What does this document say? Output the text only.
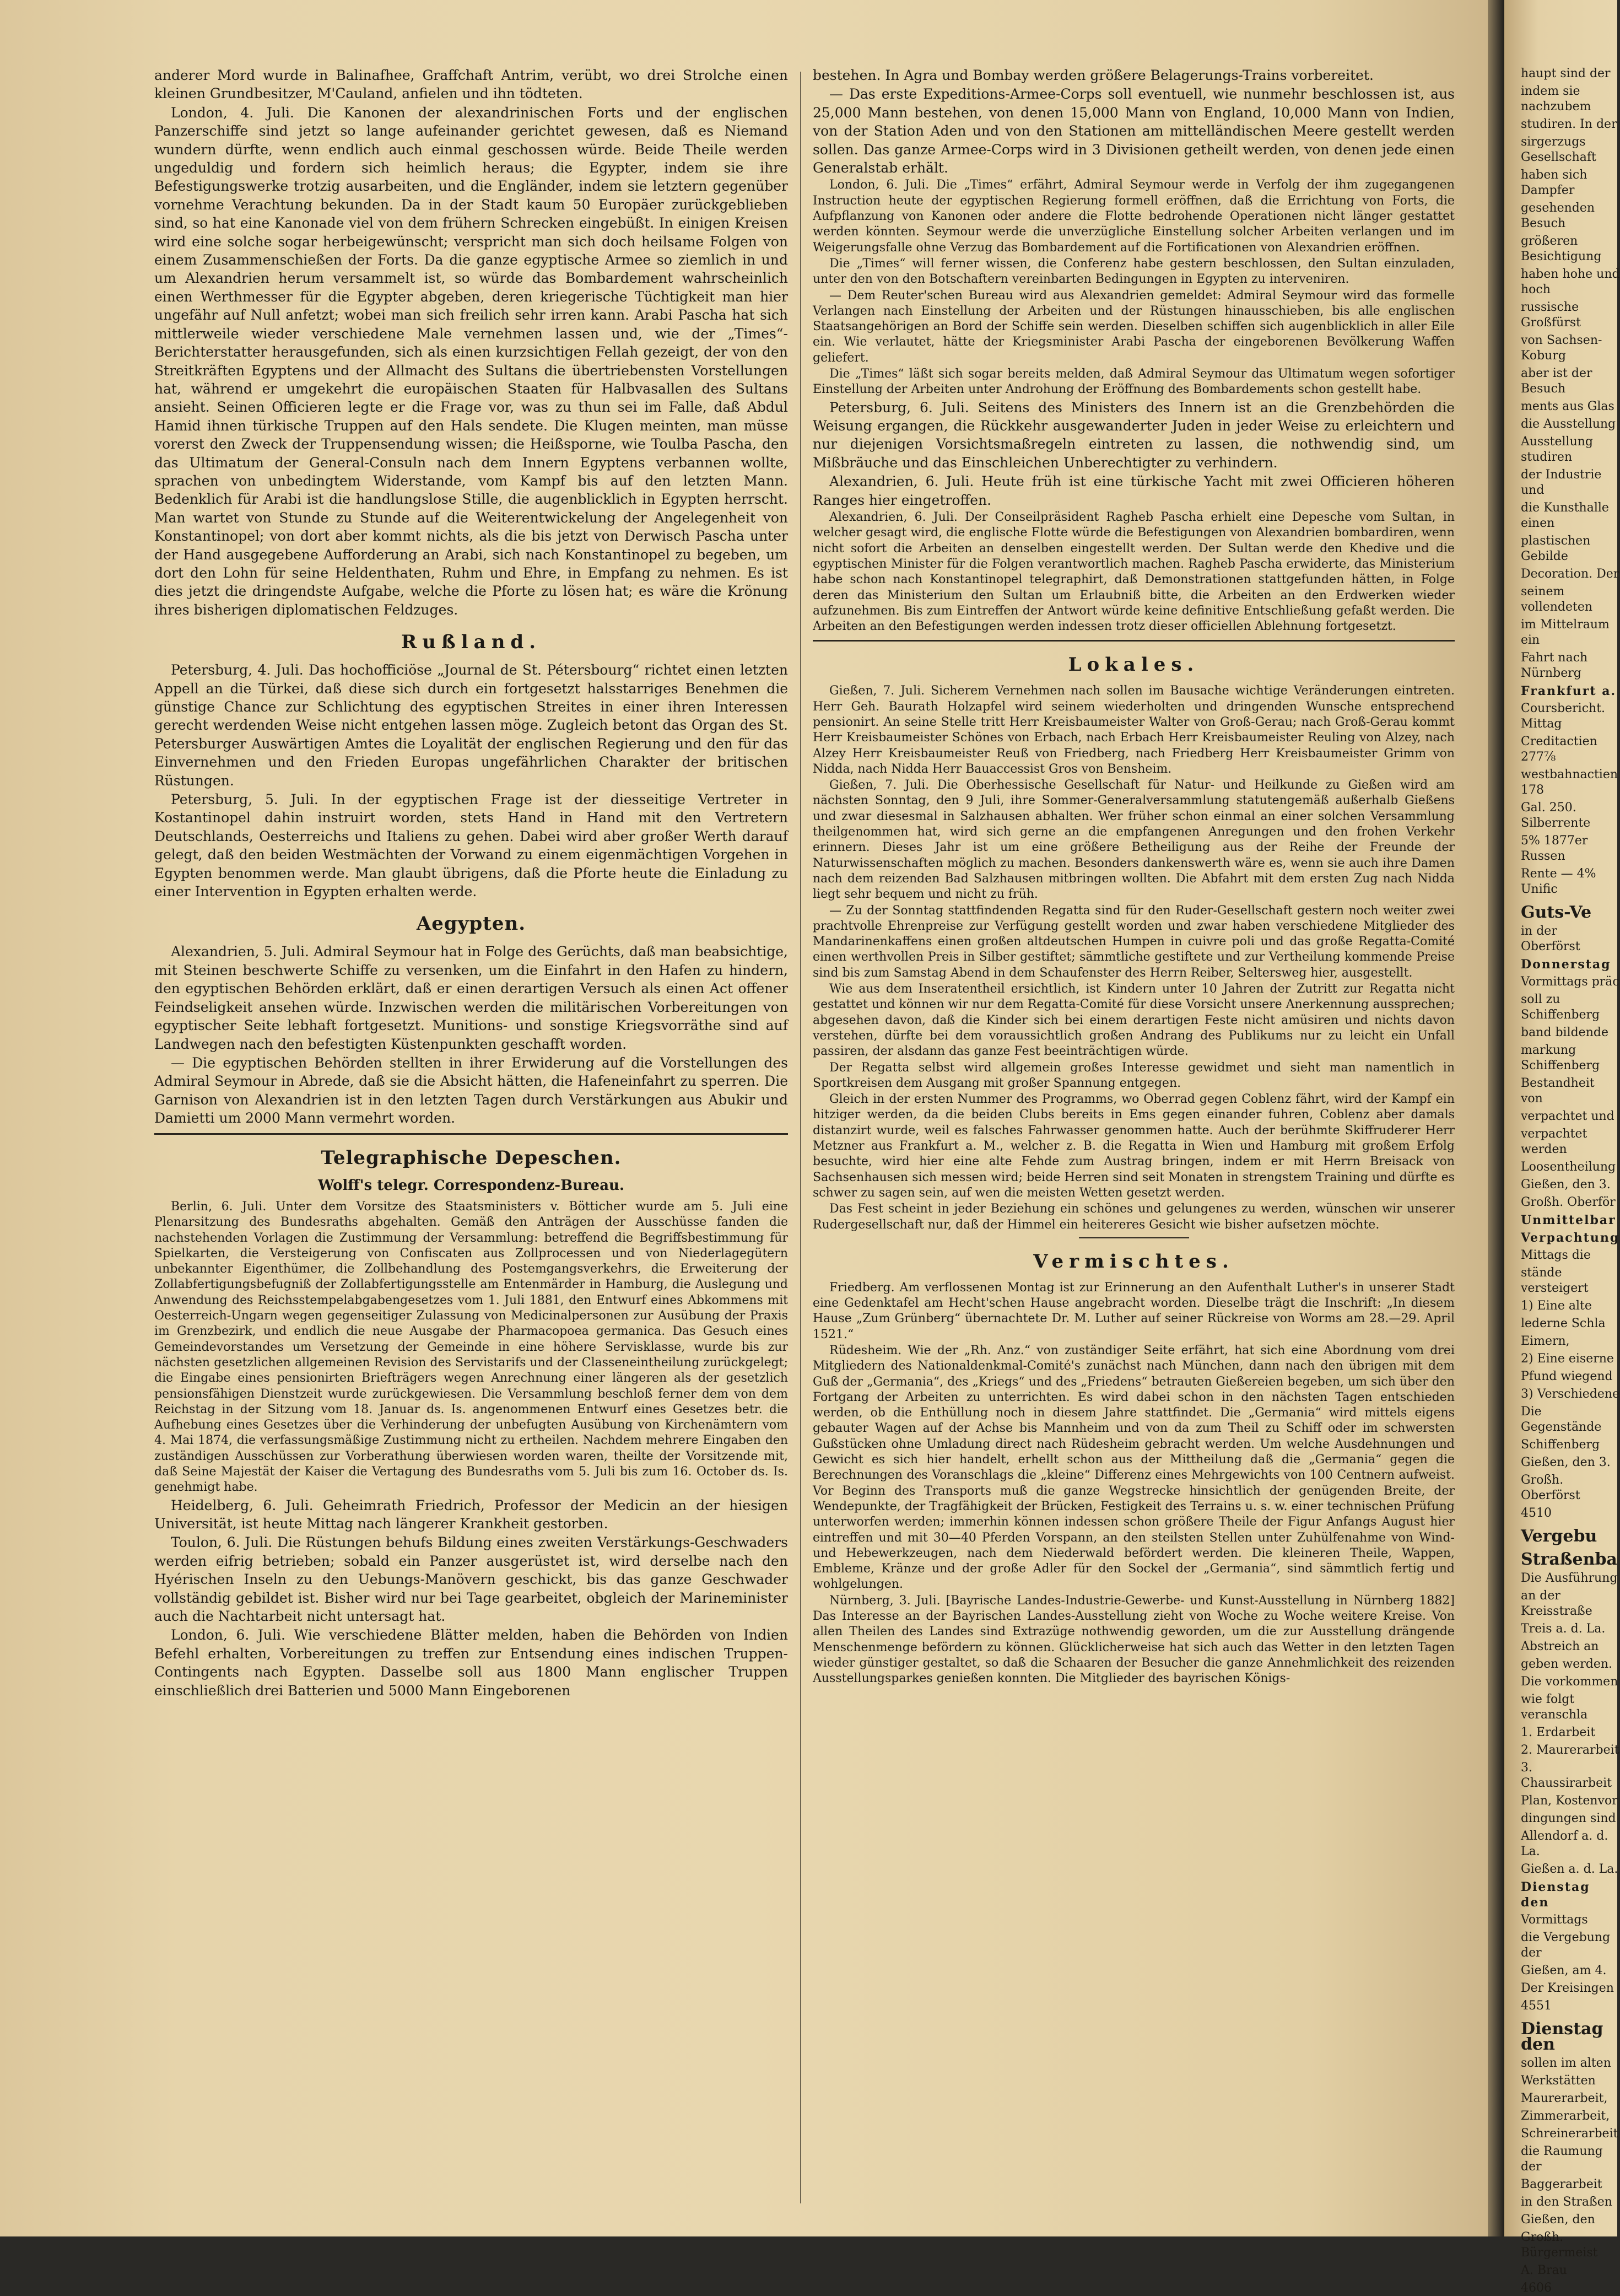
anderer Mord wurde in Balinafhee, Graffchaft Antrim, verübt, wo drei Strolche einen kleinen Grundbesitzer, M'Cauland, anfielen und ihn tödteten.

London, 4. Juli. Die Kanonen der alexandrinischen Forts und der englischen Panzerschiffe sind jetzt so lange aufeinander gerichtet gewesen, daß es Niemand wundern dürfte, wenn endlich auch einmal geschossen würde. Beide Theile werden ungeduldig und fordern sich heimlich heraus; die Egypter, indem sie ihre Befestigungswerke trotzig ausarbeiten, und die Engländer, indem sie letztern gegenüber vornehme Verachtung bekunden. Da in der Stadt kaum 50 Europäer zurückgeblieben sind, so hat eine Kanonade viel von dem frühern Schrecken eingebüßt. In einigen Kreisen wird eine solche sogar herbeigewünscht; verspricht man sich doch heilsame Folgen von einem Zusammenschießen der Forts. Da die ganze egyptische Armee so ziemlich in und um Alexandrien herum versammelt ist, so würde das Bombardement wahrscheinlich einen Werthmesser für die Egypter abgeben, deren kriegerische Tüchtigkeit man hier ungefähr auf Null anfetzt; wobei man sich freilich sehr irren kann. Arabi Pascha hat sich mittlerweile wieder verschiedene Male vernehmen lassen und, wie der „Times“-Berichterstatter herausgefunden, sich als einen kurzsichtigen Fellah gezeigt, der von den Streitkräften Egyptens und der Allmacht des Sultans die übertriebensten Vorstellungen hat, während er umgekehrt die europäischen Staaten für Halbvasallen des Sultans ansieht. Seinen Officieren legte er die Frage vor, was zu thun sei im Falle, daß Abdul Hamid ihnen türkische Truppen auf den Hals sendete. Die Klugen meinten, man müsse vorerst den Zweck der Truppensendung wissen; die Heißsporne, wie Toulba Pascha, den das Ultimatum der General-Consuln nach dem Innern Egyptens verbannen wollte, sprachen von unbedingtem Widerstande, vom Kampf bis auf den letzten Mann. Bedenklich für Arabi ist die handlungslose Stille, die augenblicklich in Egypten herrscht. Man wartet von Stunde zu Stunde auf die Weiterentwickelung der Angelegenheit von Konstantinopel; von dort aber kommt nichts, als die bis jetzt von Derwisch Pascha unter der Hand ausgegebene Aufforderung an Arabi, sich nach Konstantinopel zu begeben, um dort den Lohn für seine Heldenthaten, Ruhm und Ehre, in Empfang zu nehmen. Es ist dies jetzt die dringendste Aufgabe, welche die Pforte zu lösen hat; es wäre die Krönung ihres bisherigen diplomatischen Feldzuges.

Rußland.

Petersburg, 4. Juli. Das hochofficiöse „Journal de St. Pétersbourg“ richtet einen letzten Appell an die Türkei, daß diese sich durch ein fortgesetzt halsstarriges Benehmen die günstige Chance zur Schlichtung des egyptischen Streites in einer ihren Interessen gerecht werdenden Weise nicht entgehen lassen möge. Zugleich betont das Organ des St. Petersburger Auswärtigen Amtes die Loyalität der englischen Regierung und den für das Einvernehmen und den Frieden Europas ungefährlichen Charakter der britischen Rüstungen.

Petersburg, 5. Juli. In der egyptischen Frage ist der diesseitige Vertreter in Kostantinopel dahin instruirt worden, stets Hand in Hand mit den Vertretern Deutschlands, Oesterreichs und Italiens zu gehen. Dabei wird aber großer Werth darauf gelegt, daß den beiden Westmächten der Vorwand zu einem eigenmächtigen Vorgehen in Egypten benommen werde. Man glaubt übrigens, daß die Pforte heute die Einladung zu einer Intervention in Egypten erhalten werde.

Aegypten.

Alexandrien, 5. Juli. Admiral Seymour hat in Folge des Gerüchts, daß man beabsichtige, mit Steinen beschwerte Schiffe zu versenken, um die Einfahrt in den Hafen zu hindern, den egyptischen Behörden erklärt, daß er einen derartigen Versuch als einen Act offener Feindseligkeit ansehen würde. Inzwischen werden die militärischen Vorbereitungen von egyptischer Seite lebhaft fortgesetzt. Munitions- und sonstige Kriegsvorräthe sind auf Landwegen nach den befestigten Küstenpunkten geschafft worden.

— Die egyptischen Behörden stellten in ihrer Erwiderung auf die Vorstellungen des Admiral Seymour in Abrede, daß sie die Absicht hätten, die Hafeneinfahrt zu sperren. Die Garnison von Alexandrien ist in den letzten Tagen durch Verstärkungen aus Abukir und Damietti um 2000 Mann vermehrt worden.

Telegraphische Depeschen.
Wolff's telegr. Correspondenz-Bureau.

Berlin, 6. Juli. Unter dem Vorsitze des Staatsministers v. Bötticher wurde am 5. Juli eine Plenarsitzung des Bundesraths abgehalten. Gemäß den Anträgen der Ausschüsse fanden die nachstehenden Vorlagen die Zustimmung der Versammlung: betreffend die Begriffsbestimmung für Spielkarten, die Versteigerung von Confiscaten aus Zollprocessen und von Niederlagegütern unbekannter Eigenthümer, die Zollbehandlung des Postemgangsverkehrs, die Erweiterung der Zollabfertigungsbefugniß der Zollabfertigungsstelle am Entenmärder in Hamburg, die Auslegung und Anwendung des Reichsstempelabgabengesetzes vom 1. Juli 1881, den Entwurf eines Abkommens mit Oesterreich-Ungarn wegen gegenseitiger Zulassung von Medicinalpersonen zur Ausübung der Praxis im Grenzbezirk, und endlich die neue Ausgabe der Pharmacopoea germanica. Das Gesuch eines Gemeindevorstandes um Versetzung der Gemeinde in eine höhere Servisklasse, wurde bis zur nächsten gesetzlichen allgemeinen Revision des Servistarifs und der Classeneintheilung zurückgelegt; die Eingabe eines pensionirten Briefträgers wegen Anrechnung einer längeren als der gesetzlich pensionsfähigen Dienstzeit wurde zurückgewiesen. Die Versammlung beschloß ferner dem von dem Reichstag in der Sitzung vom 18. Januar ds. Is. angenommenen Entwurf eines Gesetzes betr. die Aufhebung eines Gesetzes über die Verhinderung der unbefugten Ausübung von Kirchenämtern vom 4. Mai 1874, die verfassungsmäßige Zustimmung nicht zu ertheilen. Nachdem mehrere Eingaben den zuständigen Ausschüssen zur Vorberathung überwiesen worden waren, theilte der Vorsitzende mit, daß Seine Majestät der Kaiser die Vertagung des Bundesraths vom 5. Juli bis zum 16. October ds. Is. genehmigt habe.

Heidelberg, 6. Juli. Geheimrath Friedrich, Professor der Medicin an der hiesigen Universität, ist heute Mittag nach längerer Krankheit gestorben.

Toulon, 6. Juli. Die Rüstungen behufs Bildung eines zweiten Verstärkungs-Geschwaders werden eifrig betrieben; sobald ein Panzer ausgerüstet ist, wird derselbe nach den Hyérischen Inseln zu den Uebungs-Manövern geschickt, bis das ganze Geschwader vollständig gebildet ist. Bisher wird nur bei Tage gearbeitet, obgleich der Marineminister auch die Nachtarbeit nicht untersagt hat.

London, 6. Juli. Wie verschiedene Blätter melden, haben die Behörden von Indien Befehl erhalten, Vorbereitungen zu treffen zur Entsendung eines indischen Truppen-Contingents nach Egypten. Dasselbe soll aus 1800 Mann englischer Truppen einschließlich drei Batterien und 5000 Mann Eingeborenen

bestehen. In Agra und Bombay werden größere Belagerungs-Trains vorbereitet.

— Das erste Expeditions-Armee-Corps soll eventuell, wie nunmehr beschlossen ist, aus 25,000 Mann bestehen, von denen 15,000 Mann von England, 10,000 Mann von Indien, von der Station Aden und von den Stationen am mittelländischen Meere gestellt werden sollen. Das ganze Armee-Corps wird in 3 Divisionen getheilt werden, von denen jede einen Generalstab erhält.

London, 6. Juli. Die „Times“ erfährt, Admiral Seymour werde in Verfolg der ihm zugegangenen Instruction heute der egyptischen Regierung formell eröffnen, daß die Errichtung von Forts, die Aufpflanzung von Kanonen oder andere die Flotte bedrohende Operationen nicht länger gestattet werden könnten. Seymour werde die unverzügliche Einstellung solcher Arbeiten verlangen und im Weigerungsfalle ohne Verzug das Bombardement auf die Fortificationen von Alexandrien eröffnen.

Die „Times“ will ferner wissen, die Conferenz habe gestern beschlossen, den Sultan einzuladen, unter den von den Botschaftern vereinbarten Bedingungen in Egypten zu interveniren.

— Dem Reuter'schen Bureau wird aus Alexandrien gemeldet: Admiral Seymour wird das formelle Verlangen nach Einstellung der Arbeiten und der Rüstungen hinausschieben, bis alle englischen Staatsangehörigen an Bord der Schiffe sein werden. Dieselben schiffen sich augenblicklich in aller Eile ein. Wie verlautet, hätte der Kriegsminister Arabi Pascha der eingeborenen Bevölkerung Waffen geliefert.

Die „Times“ läßt sich sogar bereits melden, daß Admiral Seymour das Ultimatum wegen sofortiger Einstellung der Arbeiten unter Androhung der Eröffnung des Bombardements schon gestellt habe.

Petersburg, 6. Juli. Seitens des Ministers des Innern ist an die Grenzbehörden die Weisung ergangen, die Rückkehr ausgewanderter Juden in jeder Weise zu erleichtern und nur diejenigen Vorsichtsmaßregeln eintreten zu lassen, die nothwendig sind, um Mißbräuche und das Einschleichen Unberechtigter zu verhindern.

Alexandrien, 6. Juli. Heute früh ist eine türkische Yacht mit zwei Officieren höheren Ranges hier eingetroffen.

Alexandrien, 6. Juli. Der Conseilpräsident Ragheb Pascha erhielt eine Depesche vom Sultan, in welcher gesagt wird, die englische Flotte würde die Befestigungen von Alexandrien bombardiren, wenn nicht sofort die Arbeiten an denselben eingestellt werden. Der Sultan werde den Khedive und die egyptischen Minister für die Folgen verantwortlich machen. Ragheb Pascha erwiderte, das Ministerium habe schon nach Konstantinopel telegraphirt, daß Demonstrationen stattgefunden hätten, in Folge deren das Ministerium den Sultan um Erlaubniß bitte, die Arbeiten an den Erdwerken wieder aufzunehmen. Bis zum Eintreffen der Antwort würde keine definitive Entschließung gefaßt werden. Die Arbeiten an den Befestigungen werden indessen trotz dieser officiellen Ablehnung fortgesetzt.

Lokales.

Gießen, 7. Juli. Sicherem Vernehmen nach sollen im Bausache wichtige Veränderungen eintreten. Herr Geh. Baurath Holzapfel wird seinem wiederholten und dringenden Wunsche entsprechend pensionirt. An seine Stelle tritt Herr Kreisbaumeister Walter von Groß-Gerau; nach Groß-Gerau kommt Herr Kreisbaumeister Schönes von Erbach, nach Erbach Herr Kreisbaumeister Reuling von Alzey, nach Alzey Herr Kreisbaumeister Reuß von Friedberg, nach Friedberg Herr Kreisbaumeister Grimm von Nidda, nach Nidda Herr Bauaccessist Gros von Bensheim.

Gießen, 7. Juli. Die Oberhessische Gesellschaft für Natur- und Heilkunde zu Gießen wird am nächsten Sonntag, den 9 Juli, ihre Sommer-Generalversammlung statutengemäß außerhalb Gießens und zwar diesesmal in Salzhausen abhalten. Wer früher schon einmal an einer solchen Versammlung theilgenommen hat, wird sich gerne an die empfangenen Anregungen und den frohen Verkehr erinnern. Dieses Jahr ist um eine größere Betheiligung aus der Reihe der Freunde der Naturwissenschaften möglich zu machen. Besonders dankenswerth wäre es, wenn sie auch ihre Damen nach dem reizenden Bad Salzhausen mitbringen wollten. Die Abfahrt mit dem ersten Zug nach Nidda liegt sehr bequem und nicht zu früh.

— Zu der Sonntag stattfindenden Regatta sind für den Ruder-Gesellschaft gestern noch weiter zwei prachtvolle Ehrenpreise zur Verfügung gestellt worden und zwar haben verschiedene Mitglieder des Mandarinenkaffens einen großen altdeutschen Humpen in cuivre poli und das große Regatta-Comité einen werthvollen Preis in Silber gestiftet; sämmtliche gestiftete und zur Vertheilung kommende Preise sind bis zum Samstag Abend in dem Schaufenster des Herrn Reiber, Seltersweg hier, ausgestellt.

Wie aus dem Inseratentheil ersichtlich, ist Kindern unter 10 Jahren der Zutritt zur Regatta nicht gestattet und können wir nur dem Regatta-Comité für diese Vorsicht unsere Anerkennung aussprechen; abgesehen davon, daß die Kinder sich bei einem derartigen Feste nicht amüsiren und nichts davon verstehen, dürfte bei dem voraussichtlich großen Andrang des Publikums nur zu leicht ein Unfall passiren, der alsdann das ganze Fest beeinträchtigen würde.

Der Regatta selbst wird allgemein großes Interesse gewidmet und sieht man namentlich in Sportkreisen dem Ausgang mit großer Spannung entgegen.

Gleich in der ersten Nummer des Programms, wo Oberrad gegen Coblenz fährt, wird der Kampf ein hitziger werden, da die beiden Clubs bereits in Ems gegen einander fuhren, Coblenz aber damals distanzirt wurde, weil es falsches Fahrwasser genommen hatte. Auch der berühmte Skiffruderer Herr Metzner aus Frankfurt a. M., welcher z. B. die Regatta in Wien und Hamburg mit großem Erfolg besuchte, wird hier eine alte Fehde zum Austrag bringen, indem er mit Herrn Breisack von Sachsenhausen sich messen wird; beide Herren sind seit Monaten in strengstem Training und dürfte es schwer zu sagen sein, auf wen die meisten Wetten gesetzt werden.

Das Fest scheint in jeder Beziehung ein schönes und gelungenes zu werden, wünschen wir unserer Rudergesellschaft nur, daß der Himmel ein heitereres Gesicht wie bisher aufsetzen möchte.

Vermischtes.

Friedberg. Am verflossenen Montag ist zur Erinnerung an den Aufenthalt Luther's in unserer Stadt eine Gedenktafel am Hecht'schen Hause angebracht worden. Dieselbe trägt die Inschrift: „In diesem Hause „Zum Grünberg“ übernachtete Dr. M. Luther auf seiner Rückreise von Worms am 28.—29. April 1521.“

Rüdesheim. Wie der „Rh. Anz.“ von zuständiger Seite erfährt, hat sich eine Abordnung vom drei Mitgliedern des Nationaldenkmal-Comité's zunächst nach München, dann nach den übrigen mit dem Guß der „Germania“, des „Kriegs“ und des „Friedens“ betrauten Gießereien begeben, um sich über den Fortgang der Arbeiten zu unterrichten. Es wird dabei schon in den nächsten Tagen entschieden werden, ob die Enthüllung noch in diesem Jahre stattfindet. Die „Germania“ wird mittels eigens gebauter Wagen auf der Achse bis Mannheim und von da zum Theil zu Schiff oder im schwersten Gußstücken ohne Umladung direct nach Rüdesheim gebracht werden. Um welche Ausdehnungen und Gewicht es sich hier handelt, erhellt schon aus der Mittheilung daß die „Germania“ gegen die Berechnungen des Voranschlags die „kleine“ Differenz eines Mehrgewichts von 100 Centnern aufweist. Vor Beginn des Transports muß die ganze Wegstrecke hinsichtlich der genügenden Breite, der Wendepunkte, der Tragfähigkeit der Brücken, Festigkeit des Terrains u. s. w. einer technischen Prüfung unterworfen werden; immerhin können indessen schon größere Theile der Figur Anfangs August hier eintreffen und mit 30—40 Pferden Vorspann, an den steilsten Stellen unter Zuhülfenahme von Wind- und Hebewerkzeugen, nach dem Niederwald befördert werden. Die kleineren Theile, Wappen, Embleme, Kränze und der große Adler für den Sockel der „Germania“, sind sämmtlich fertig und wohlgelungen.

Nürnberg, 3. Juli. [Bayrische Landes-Industrie-Gewerbe- und Kunst-Ausstellung in Nürnberg 1882] Das Interesse an der Bayrischen Landes-Ausstellung zieht von Woche zu Woche weitere Kreise. Von allen Theilen des Landes sind Extrazüge nothwendig geworden, um die zur Ausstellung drängende Menschenmenge befördern zu können. Glücklicherweise hat sich auch das Wetter in den letzten Tagen wieder günstiger gestaltet, so daß die Schaaren der Besucher die ganze Annehmlichkeit des reizenden Ausstellungsparkes genießen konnten. Die Mitglieder des bayrischen Königs-

haupt sind der
indem sie nachzubem
studiren. In der
sirgerzugs Gesellschaft
haben sich Dampfer
gesehenden Besuch
größeren Besichtigung
haben hohe und hoch
russische Großfürst
von Sachsen-Koburg
aber ist der Besuch
ments aus Glas
die Ausstellung
Ausstellung studiren
der Industrie und
die Kunsthalle einen
plastischen Gebilde
Decoration. Der
seinem vollendeten
im Mittelraum ein
Fahrt nach Nürnberg
Frankfurt a.
Coursbericht. Mittag
Creditactien 277⅞
westbahnactien 178
Gal. 250. Silberrente
5% 1877er Russen
Rente — 4% Unific
Guts-Ve
in der Oberförst
Donnerstag
Vormittags präc
soll zu Schiffenberg
band bildende
markung Schiffenberg
Bestandheit von
verpachtet und
verpachtet werden
Loosentheilung
Gießen, den 3.
Großh. Oberför
Unmittelbar
Verpachtung
Mittags die
stände versteigert
1) Eine alte
lederne Schla
Eimern,
2) Eine eiserne
Pfund wiegend
3) Verschiedene
Die Gegenstände
Schiffenberg
Gießen, den 3.
Großh. Oberförst
4510
Vergebu
Straßenba
Die Ausführung
an der Kreisstraße
Treis a. d. La.
Abstreich an
geben werden.
Die vorkommen
wie folgt veranschla
1. Erdarbeit
2. Maurerarbeit
3. Chaussirarbeit
Plan, Kostenvor
dingungen sind
Allendorf a. d. La.
Gießen a. d. La.
Dienstag den
Vormittags
die Vergebung der
Gießen, am 4.
Der Kreisingen
4551
Dienstag den
sollen im alten
Werkstätten
Maurerarbeit,
Zimmerarbeit,
Schreinerarbeit
die Raumung der
Baggerarbeit
in den Straßen
Gießen, den
Großh. Bürgermeist
A. Brau
4606
